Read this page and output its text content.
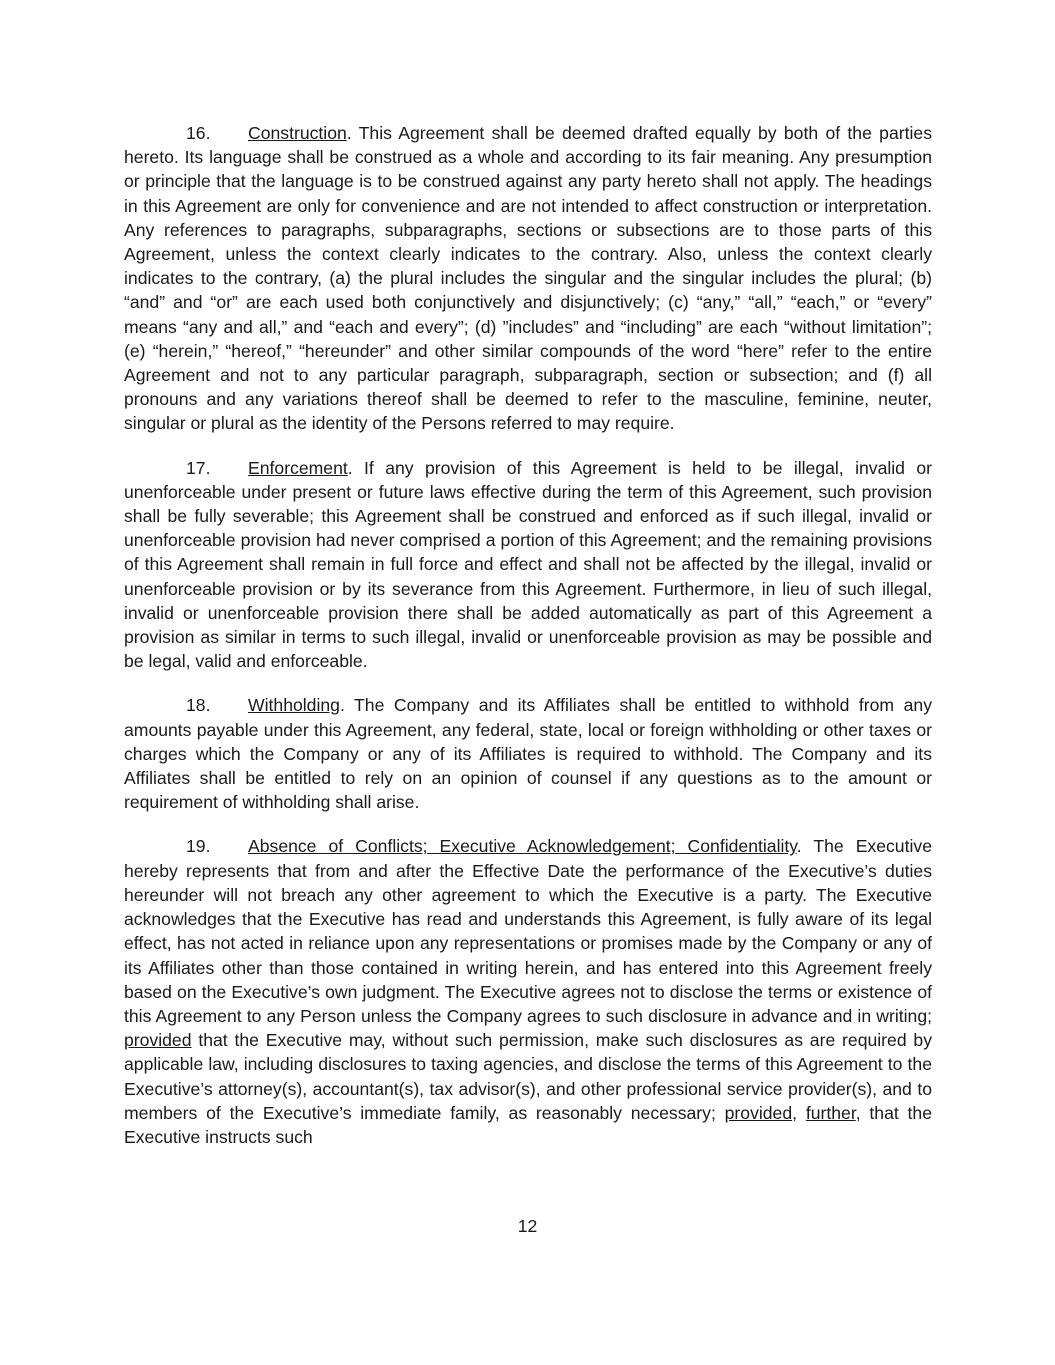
16. Construction. This Agreement shall be deemed drafted equally by both of the parties hereto. Its language shall be construed as a whole and according to its fair meaning. Any presumption or principle that the language is to be construed against any party hereto shall not apply. The headings in this Agreement are only for convenience and are not intended to affect construction or interpretation. Any references to paragraphs, subparagraphs, sections or subsections are to those parts of this Agreement, unless the context clearly indicates to the contrary. Also, unless the context clearly indicates to the contrary, (a) the plural includes the singular and the singular includes the plural; (b) “and” and “or” are each used both conjunctively and disjunctively; (c) “any,” “all,” “each,” or “every” means “any and all,” and “each and every”; (d) ”includes” and “including” are each “without limitation”; (e) “herein,” “hereof,” “hereunder” and other similar compounds of the word “here” refer to the entire Agreement and not to any particular paragraph, subparagraph, section or subsection; and (f) all pronouns and any variations thereof shall be deemed to refer to the masculine, feminine, neuter, singular or plural as the identity of the Persons referred to may require.

17. Enforcement. If any provision of this Agreement is held to be illegal, invalid or unenforceable under present or future laws effective during the term of this Agreement, such provision shall be fully severable; this Agreement shall be construed and enforced as if such illegal, invalid or unenforceable provision had never comprised a portion of this Agreement; and the remaining provisions of this Agreement shall remain in full force and effect and shall not be affected by the illegal, invalid or unenforceable provision or by its severance from this Agreement. Furthermore, in lieu of such illegal, invalid or unenforceable provision there shall be added automatically as part of this Agreement a provision as similar in terms to such illegal, invalid or unenforceable provision as may be possible and be legal, valid and enforceable.

18. Withholding. The Company and its Affiliates shall be entitled to withhold from any amounts payable under this Agreement, any federal, state, local or foreign withholding or other taxes or charges which the Company or any of its Affiliates is required to withhold. The Company and its Affiliates shall be entitled to rely on an opinion of counsel if any questions as to the amount or requirement of withholding shall arise.

19. Absence of Conflicts; Executive Acknowledgement; Confidentiality. The Executive hereby represents that from and after the Effective Date the performance of the Executive’s duties hereunder will not breach any other agreement to which the Executive is a party. The Executive acknowledges that the Executive has read and understands this Agreement, is fully aware of its legal effect, has not acted in reliance upon any representations or promises made by the Company or any of its Affiliates other than those contained in writing herein, and has entered into this Agreement freely based on the Executive’s own judgment. The Executive agrees not to disclose the terms or existence of this Agreement to any Person unless the Company agrees to such disclosure in advance and in writing; provided that the Executive may, without such permission, make such disclosures as are required by applicable law, including disclosures to taxing agencies, and disclose the terms of this Agreement to the Executive’s attorney(s), accountant(s), tax advisor(s), and other professional service provider(s), and to members of the Executive’s immediate family, as reasonably necessary; provided, further, that the Executive instructs such

12
